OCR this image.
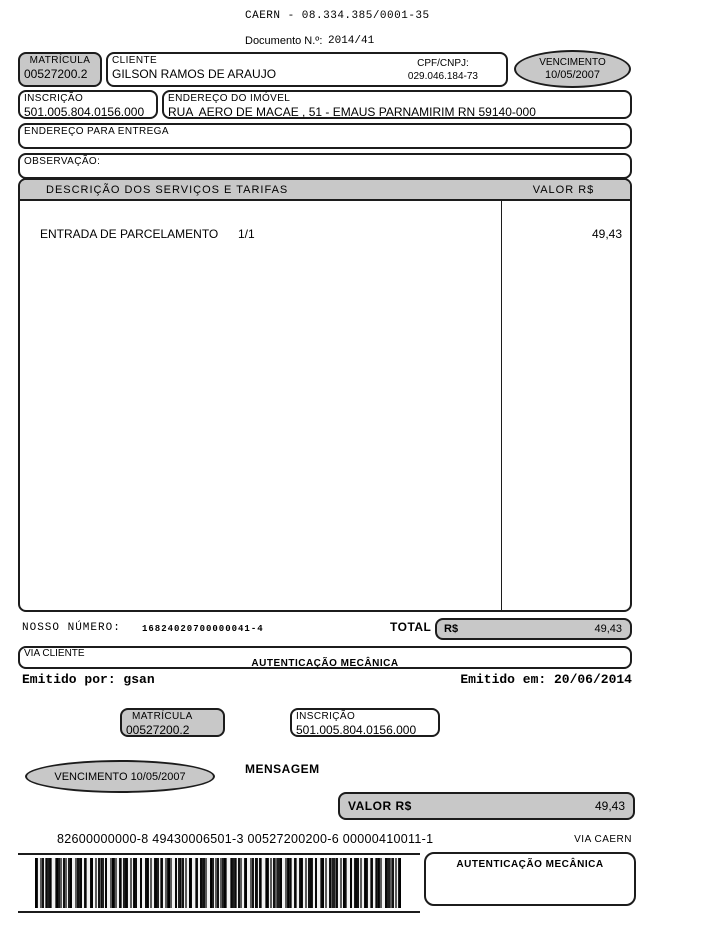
CAERN - 08.334.385/0001-35
Documento N.º: 2014/41
MATRÍCULA
00527200.2
CLIENTE
GILSON RAMOS DE ARAUJO
CPF/CNPJ:
029.046.184-73
VENCIMENTO
10/05/2007
INSCRIÇÃO
501.005.804.0156.000
ENDEREÇO DO IMÓVEL
RUA  AERO DE MACAE , 51 - EMAUS PARNAMIRIM RN 59140-000
ENDEREÇO PARA ENTREGA
OBSERVAÇÃO:
DESCRIÇÃO DOS SERVIÇOS E TARIFAS	VALOR R$
ENTRADA DE PARCELAMENTO 1/1	49,43
NOSSO NÚMERO: 16824020700000041-4	TOTAL R$	49,43
VIA CLIENTE
AUTENTICAÇÃO MECÂNICA
Emitido por: gsan	Emitido em: 20/06/2014
MATRÍCULA
00527200.2
INSCRIÇÃO
501.005.804.0156.000
VENCIMENTO 10/05/2007
MENSAGEM
VALOR R$	49,43
82600000000-8 49430006501-3 00527200200-6 00000410011-1	VIA CAERN
AUTENTICAÇÃO MECÂNICA
